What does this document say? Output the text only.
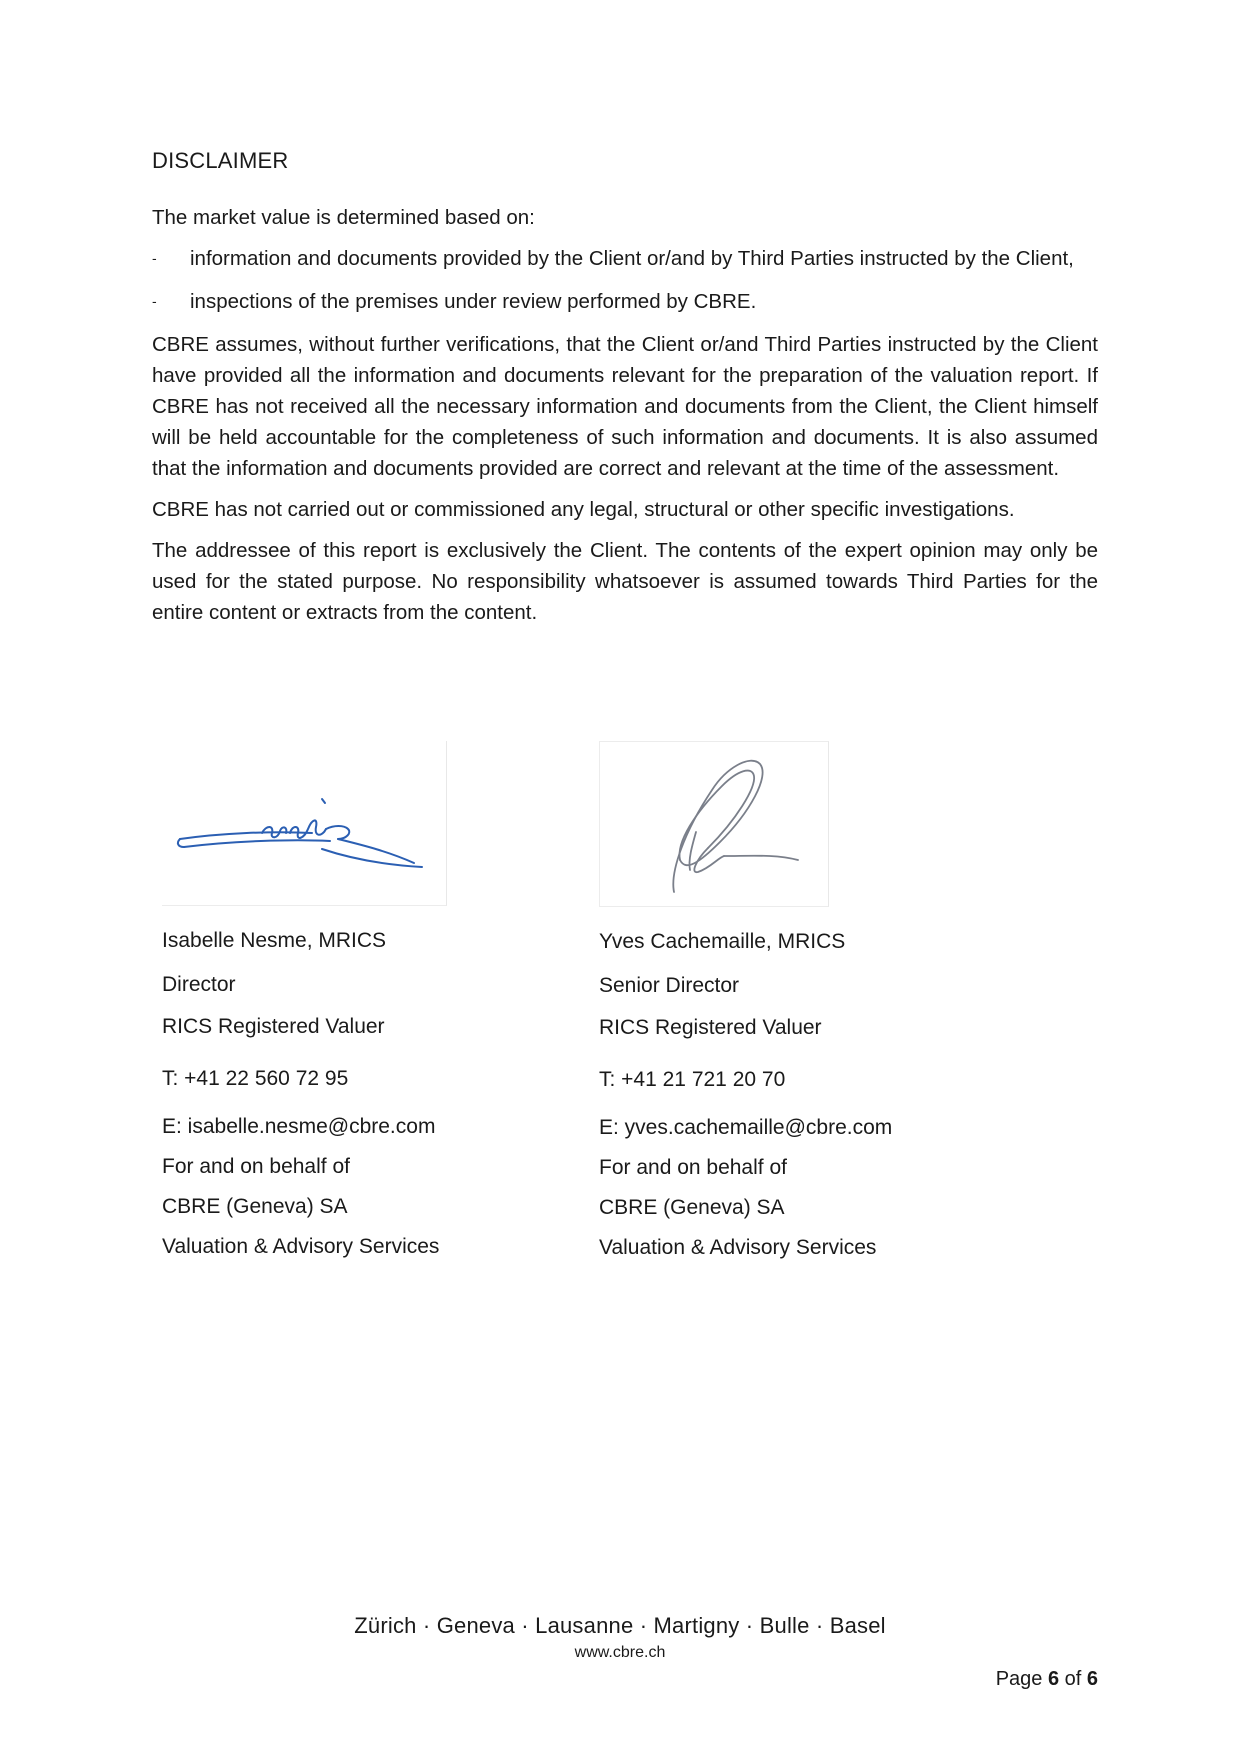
DISCLAIMER

The market value is determined based on:

- information and documents provided by the Client or/and by Third Parties instructed by the Client,
- inspections of the premises under review performed by CBRE.

CBRE assumes, without further verifications, that the Client or/and Third Parties instructed by the Client have provided all the information and documents relevant for the preparation of the valuation report. If CBRE has not received all the necessary information and documents from the Client, the Client himself will be held accountable for the completeness of such information and documents. It is also assumed that the information and documents provided are correct and relevant at the time of the assessment.

CBRE has not carried out or commissioned any legal, structural or other specific investigations.

The addressee of this report is exclusively the Client. The contents of the expert opinion may only be used for the stated purpose. No responsibility whatsoever is assumed towards Third Parties for the entire content or extracts from the content.

Isabelle Nesme, MRICS
Director
RICS Registered Valuer
T: +41 22 560 72 95
E: isabelle.nesme@cbre.com
For and on behalf of
CBRE (Geneva) SA
Valuation & Advisory Services
Yves Cachemaille, MRICS
Senior Director
RICS Registered Valuer
T: +41 21 721 20 70
E: yves.cachemaille@cbre.com
For and on behalf of
CBRE (Geneva) SA
Valuation & Advisory Services
Zürich · Geneva · Lausanne · Martigny · Bulle · Basel
www.cbre.ch
Page 6 of 6
